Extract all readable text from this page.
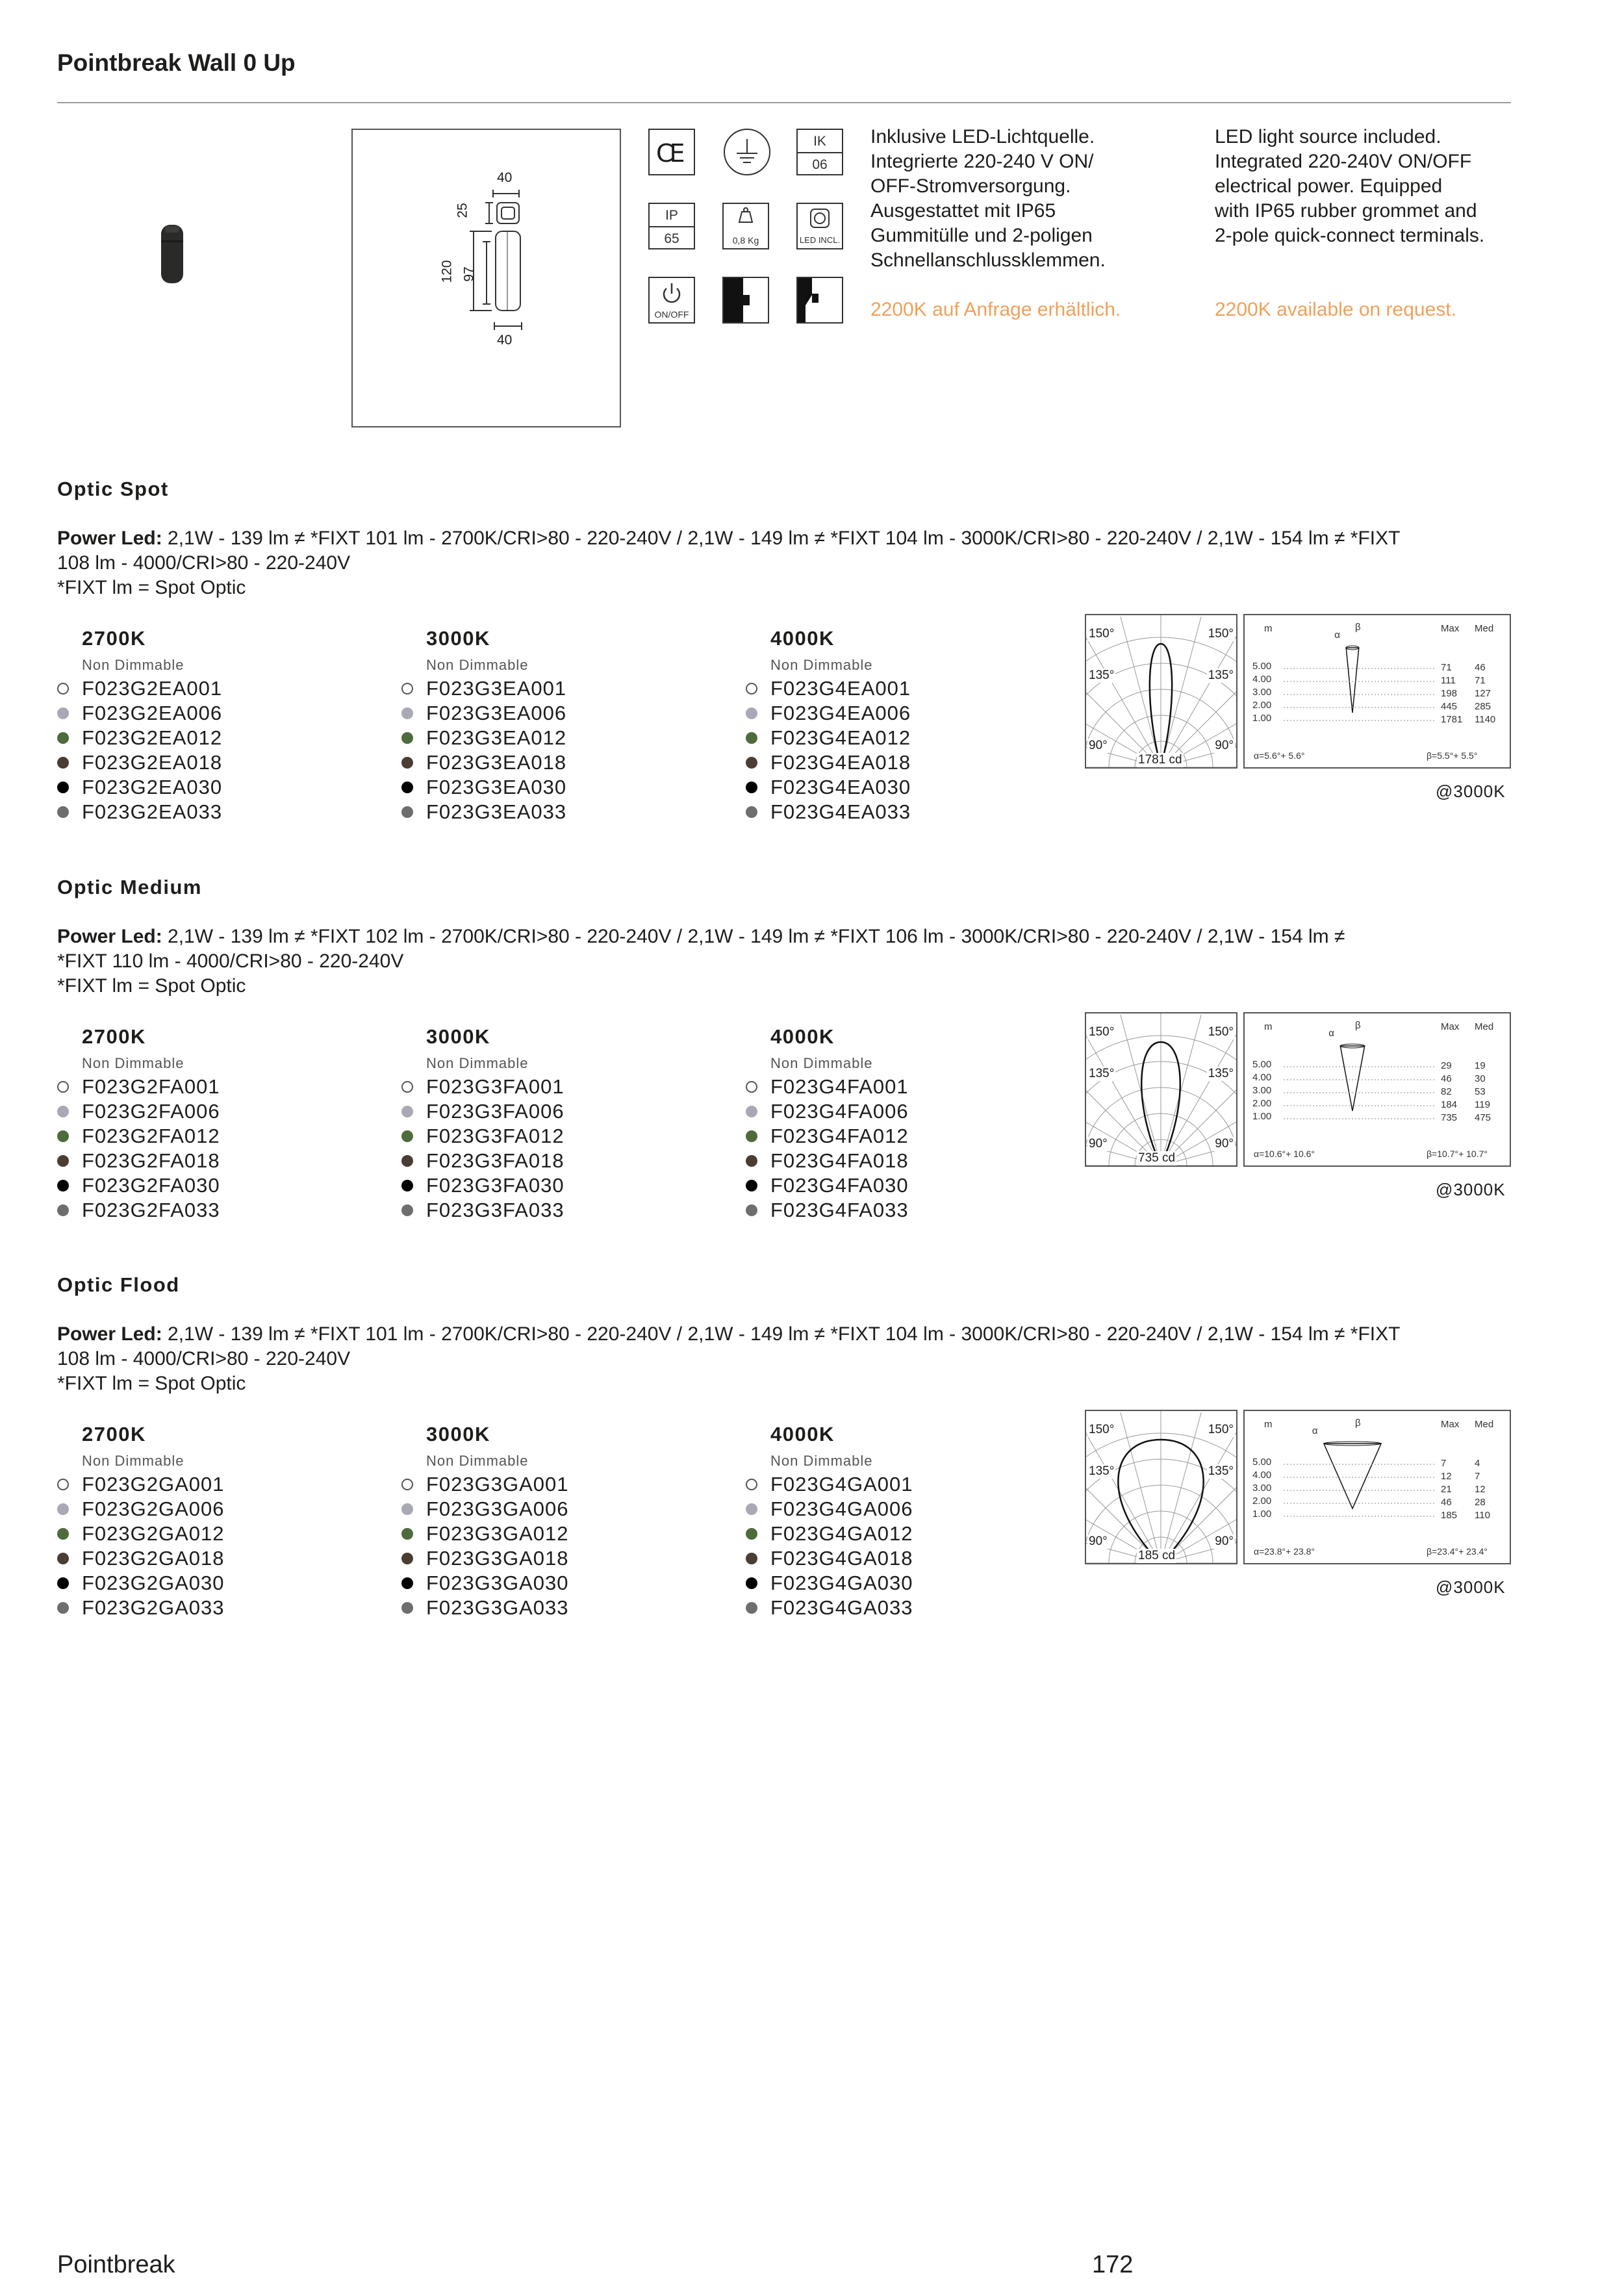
Pointbreak Wall 0 Up
40
25
120 97
40
CE	IK
06
IP
65	0,8 Kg	LED INCL.
ON/OFF
Inklusive LED-Lichtquelle.
Integrierte 220-240 V ON/
OFF-Stromversorgung.
Ausgestattet mit IP65
Gummitülle und 2-poligen
Schnellanschlussklemmen.
2200K auf Anfrage erhältlich.
LED light source included.
Integrated 220-240V ON/OFF
electrical power. Equipped
with IP65 rubber grommet and
2-pole quick-connect terminals.
2200K available on request.
Optic Spot
Power Led: 2,1W - 139 lm ≠ *FIXT 101 lm - 2700K/CRI>80 - 220-240V / 2,1W - 149 lm ≠ *FIXT 104 lm - 3000K/CRI>80 - 220-240V / 2,1W - 154 lm ≠ *FIXT
108 lm - 4000/CRI>80 - 220-240V
*FIXT lm = Spot Optic
2700K
Non Dimmable
F023G2EA001
F023G2EA006
F023G2EA012
F023G2EA018
F023G2EA030
F023G2EA033
3000K
Non Dimmable
F023G3EA001
F023G3EA006
F023G3EA012
F023G3EA018
F023G3EA030
F023G3EA033
4000K
Non Dimmable
F023G4EA001
F023G4EA006
F023G4EA012
F023G4EA018
F023G4EA030
F023G4EA033
150°	150°
135°	135°
90°	90°
1781 cd
m	Max Med
α
β
5.00	71 46
4.00	111 71
3.00	198 127
2.00	445 285
1.00	1781 1140
α=5.6°+ 5.6°	β=5.5°+ 5.5°
@3000K
Optic Medium
Power Led: 2,1W - 139 lm ≠ *FIXT 102 lm - 2700K/CRI>80 - 220-240V / 2,1W - 149 lm ≠ *FIXT 106 lm - 3000K/CRI>80 - 220-240V / 2,1W - 154 lm ≠
*FIXT 110 lm - 4000/CRI>80 - 220-240V
*FIXT lm = Spot Optic
2700K
Non Dimmable
F023G2FA001
F023G2FA006
F023G2FA012
F023G2FA018
F023G2FA030
F023G2FA033
3000K
Non Dimmable
F023G3FA001
F023G3FA006
F023G3FA012
F023G3FA018
F023G3FA030
F023G3FA033
4000K
Non Dimmable
F023G4FA001
F023G4FA006
F023G4FA012
F023G4FA018
F023G4FA030
F023G4FA033
150°	150°
135°	135°
90°	90°
735 cd
m	Max Med
α
β
5.00	29 19
4.00	46 30
3.00	82 53
2.00	184 119
1.00	735 475
α=10.6°+ 10.6°	β=10.7°+ 10.7°
@3000K
Optic Flood
Power Led: 2,1W - 139 lm ≠ *FIXT 101 lm - 2700K/CRI>80 - 220-240V / 2,1W - 149 lm ≠ *FIXT 104 lm - 3000K/CRI>80 - 220-240V / 2,1W - 154 lm ≠ *FIXT
108 lm - 4000/CRI>80 - 220-240V
*FIXT lm = Spot Optic
2700K
Non Dimmable
F023G2GA001
F023G2GA006
F023G2GA012
F023G2GA018
F023G2GA030
F023G2GA033
3000K
Non Dimmable
F023G3GA001
F023G3GA006
F023G3GA012
F023G3GA018
F023G3GA030
F023G3GA033
4000K
Non Dimmable
F023G4GA001
F023G4GA006
F023G4GA012
F023G4GA018
F023G4GA030
F023G4GA033
150°	150°
135°	135°
90°	90°
185 cd
m	Max Med
α
β
5.00	7	4
4.00	12 7
3.00	21 12
2.00	46 28
1.00	185 110
α=23.8°+ 23.8°	β=23.4°+ 23.4°
@3000K
Pointbreak	172
